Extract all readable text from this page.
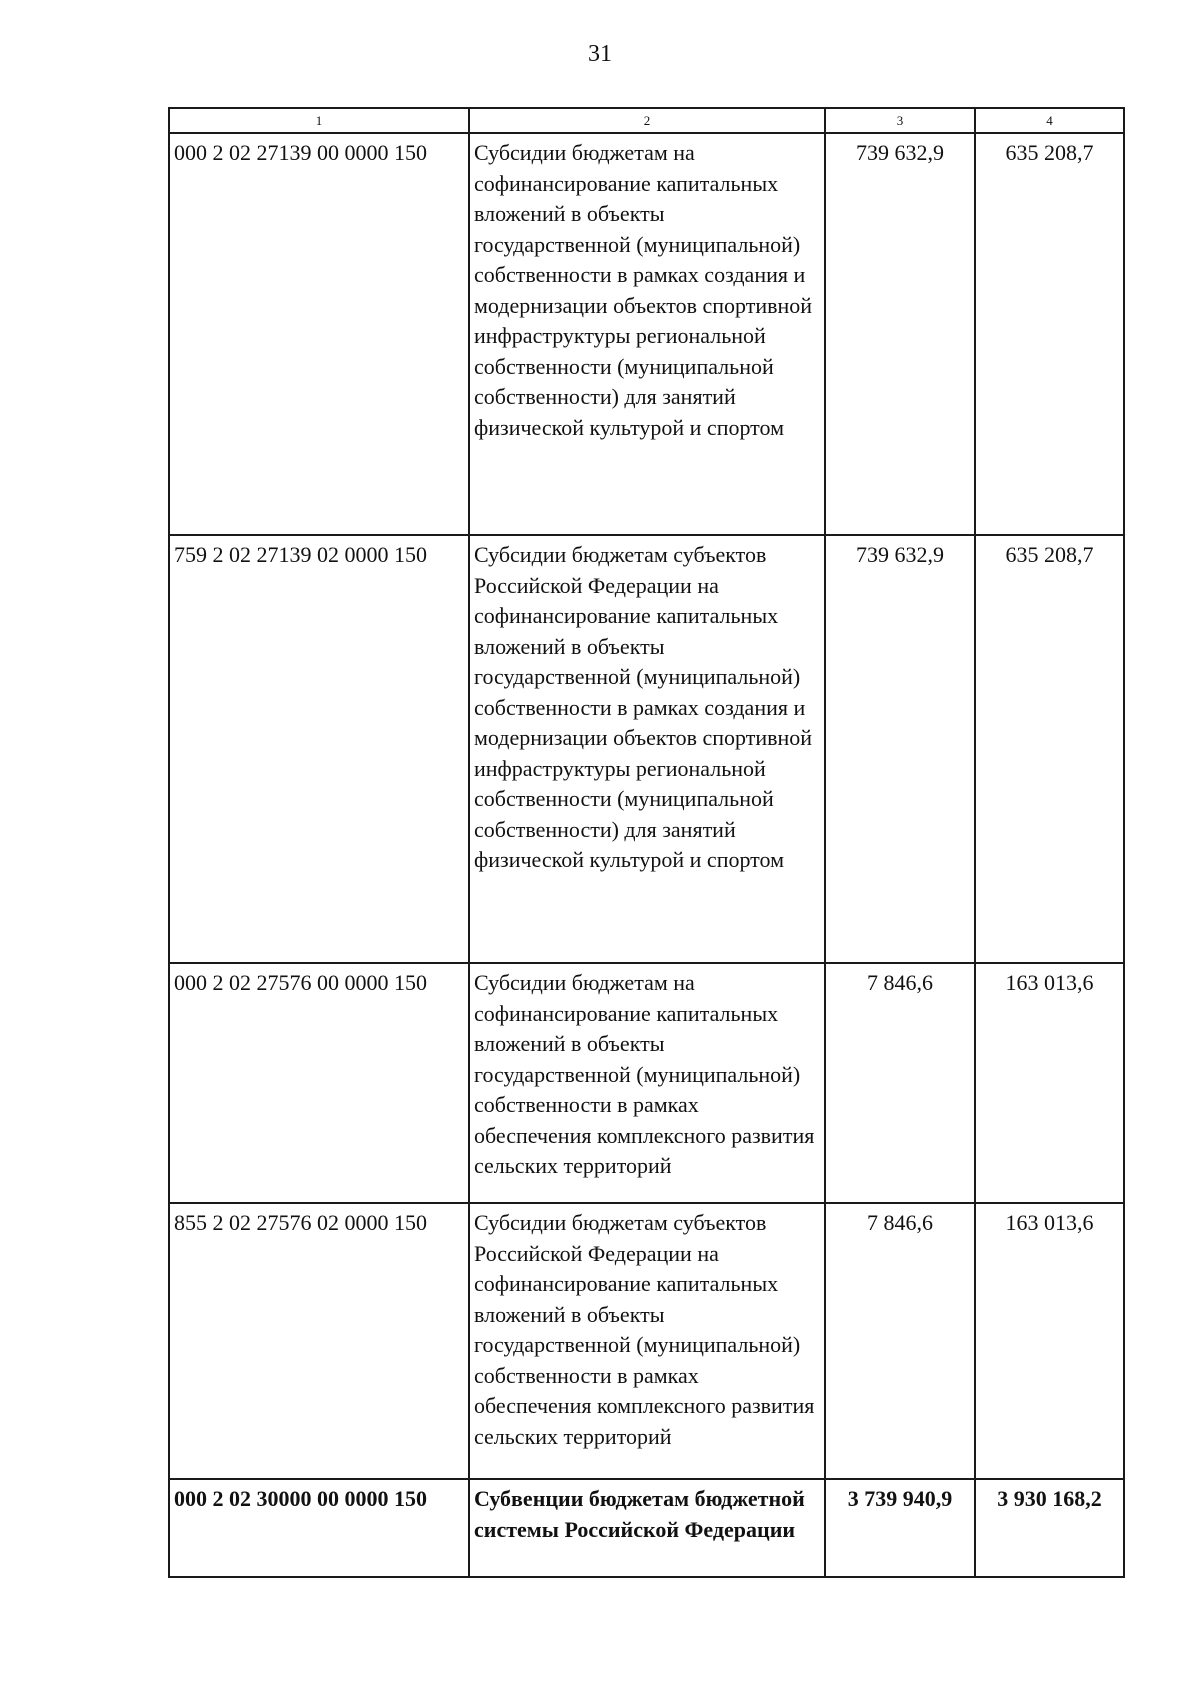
31
1	2	3	4
000 2 02 27139 00 0000 150	Субсидии бюджетам на софинансирование капитальных вложений в объекты государственной (муниципальной) собственности в рамках создания и модернизации объектов спортивной инфраструктуры региональной собственности (муниципальной собственности) для занятий физической культурой и спортом	739 632,9	635 208,7
759 2 02 27139 02 0000 150	Субсидии бюджетам субъектов Российской Федерации на софинансирование капитальных вложений в объекты государственной (муниципальной) собственности в рамках создания и модернизации объектов спортивной инфраструктуры региональной собственности (муниципальной собственности) для занятий физической культурой и спортом	739 632,9	635 208,7
000 2 02 27576 00 0000 150	Субсидии бюджетам на софинансирование капитальных вложений в объекты государственной (муниципальной) собственности в рамках обеспечения комплексного развития сельских территорий	7 846,6	163 013,6
855 2 02 27576 02 0000 150	Субсидии бюджетам субъектов Российской Федерации на софинансирование капитальных вложений в объекты государственной (муниципальной) собственности в рамках обеспечения комплексного развития сельских территорий	7 846,6	163 013,6
000 2 02 30000 00 0000 150	Субвенции бюджетам бюджетной системы Российской Федерации	3 739 940,9	3 930 168,2
